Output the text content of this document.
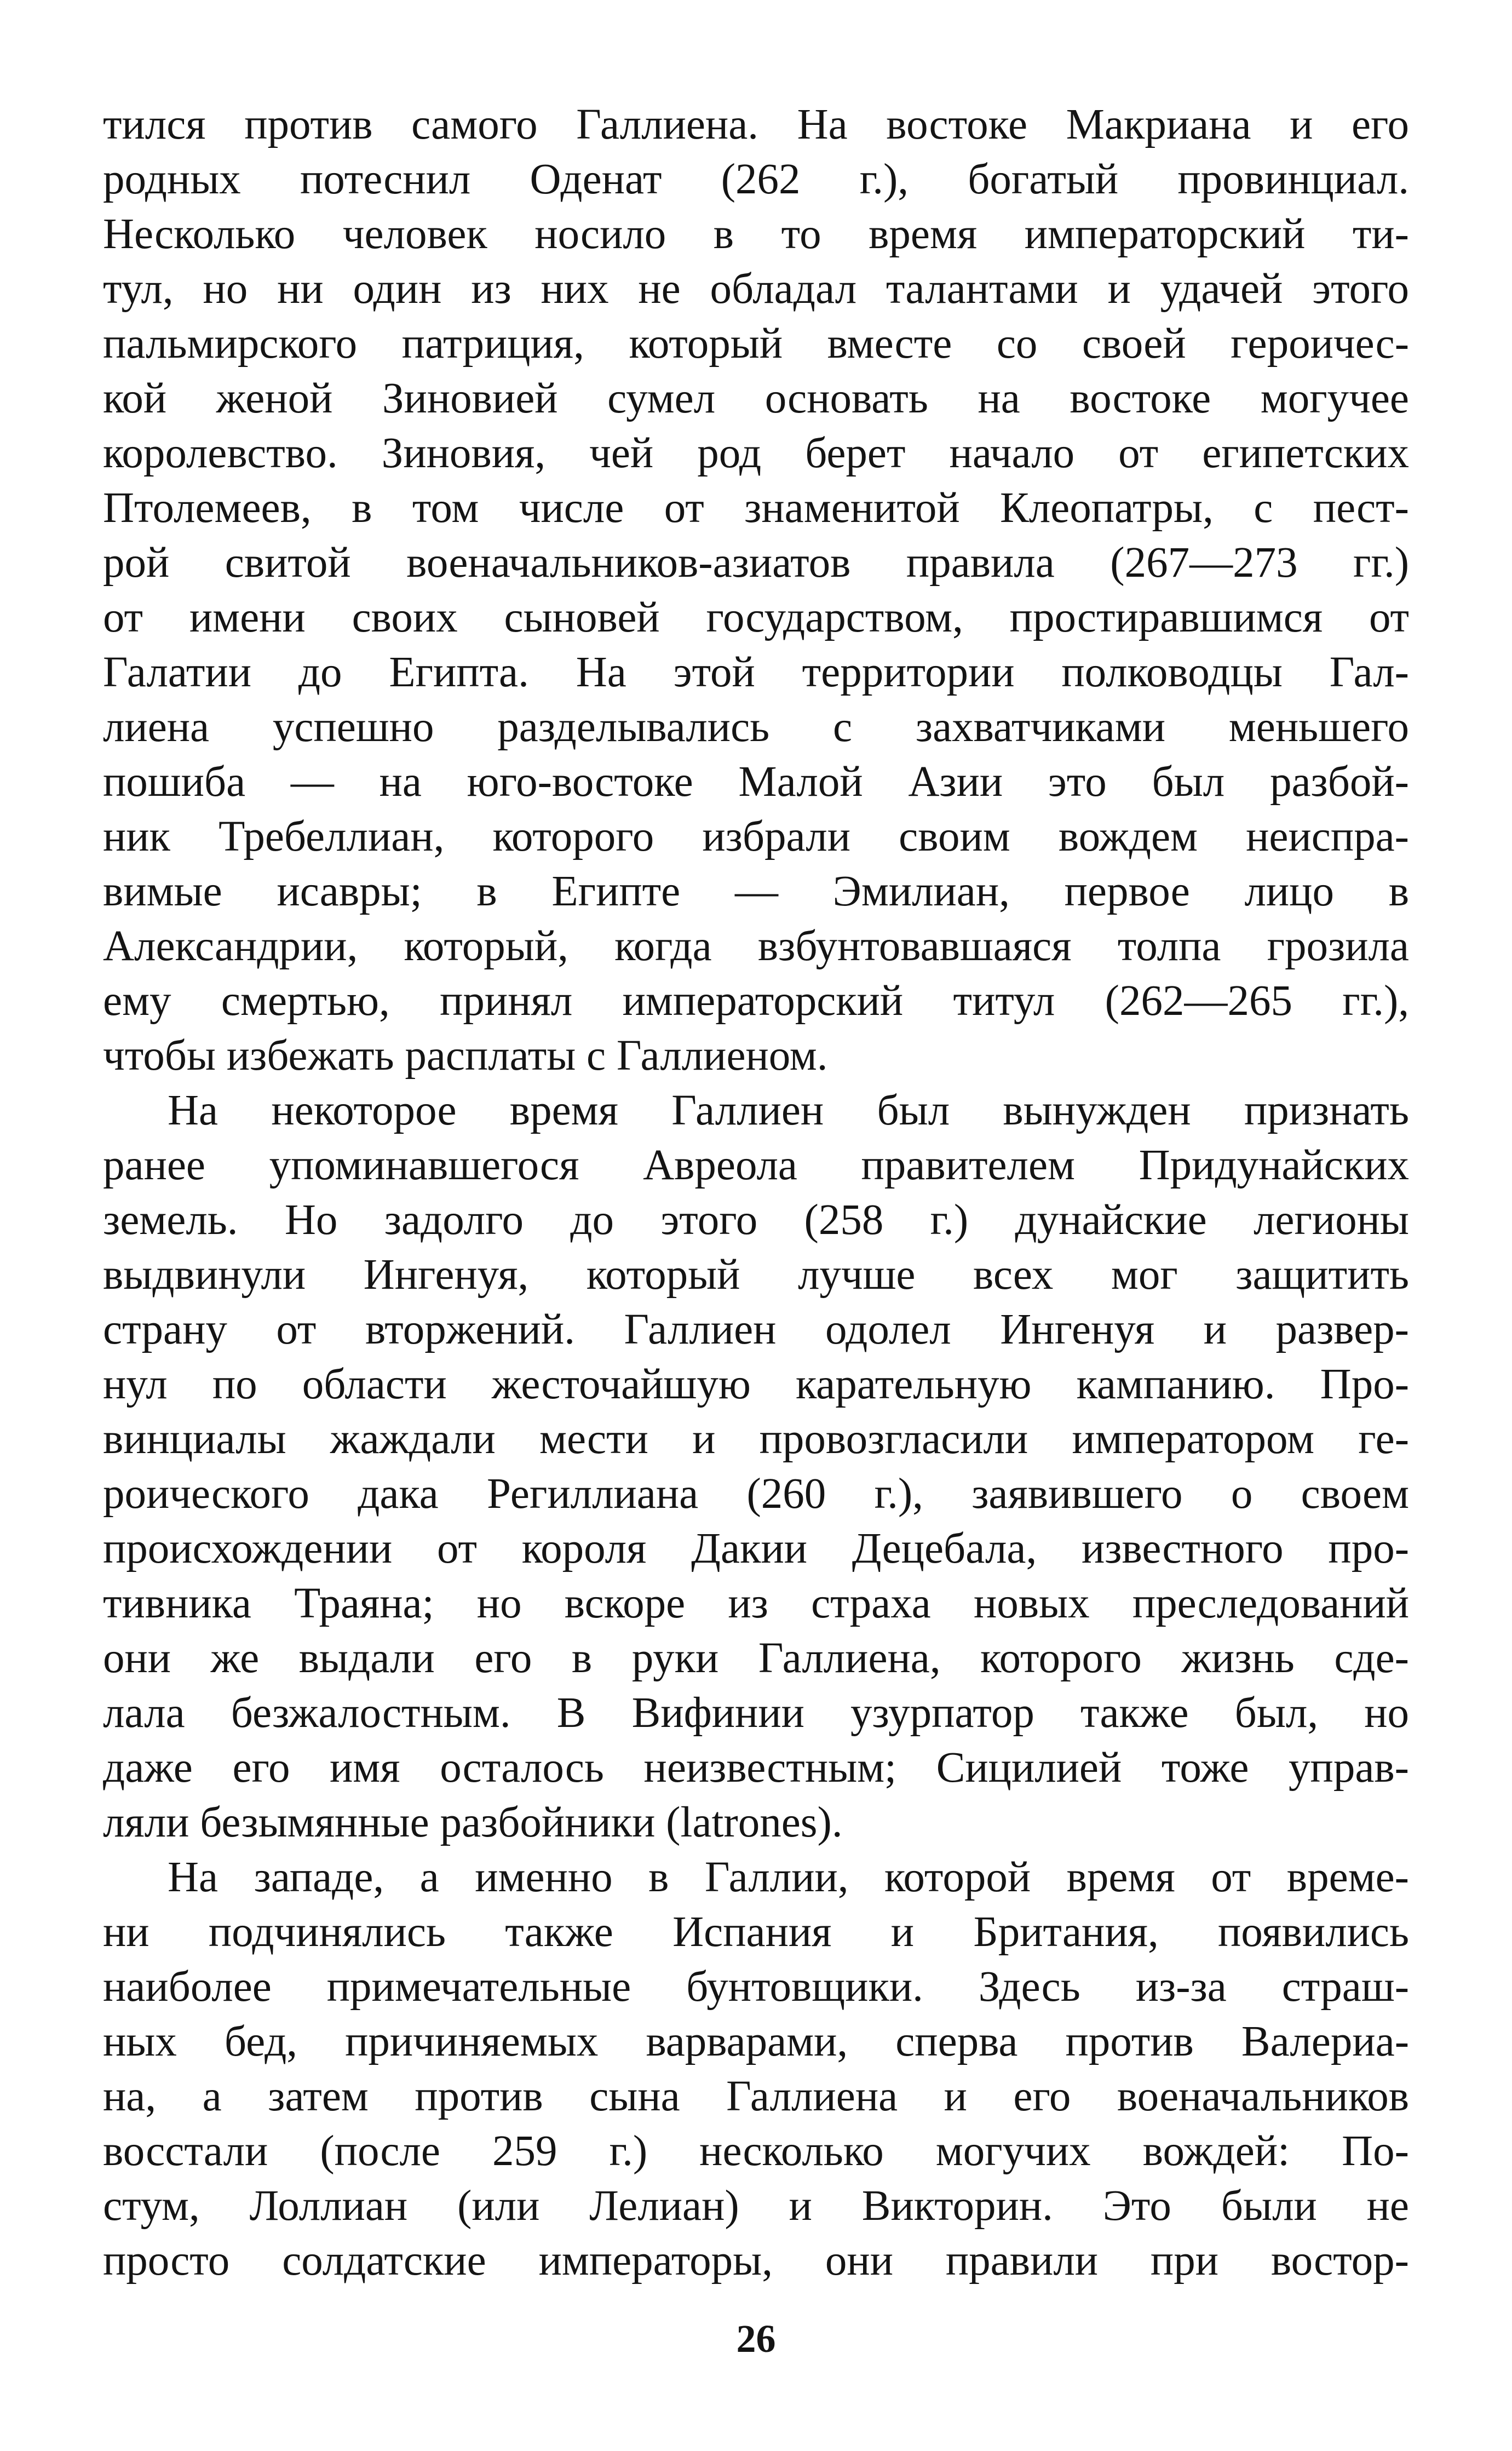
тился против самого Галлиена. На востоке Макриана и его
родных потеснил Оденат (262 г.), богатый провинциал.
Несколько человек носило в то время императорский ти-
тул, но ни один из них не обладал талантами и удачей этого
пальмирского патриция, который вместе со своей героичес-
кой женой Зиновией сумел основать на востоке могучее
королевство. Зиновия, чей род берет начало от египетских
Птолемеев, в том числе от знаменитой Клеопатры, с пест-
рой свитой военачальников-азиатов правила (267—273 гг.)
от имени своих сыновей государством, простиравшимся от
Галатии до Египта. На этой территории полководцы Гал-
лиена успешно разделывались с захватчиками меньшего
пошиба — на юго-востоке Малой Азии это был разбой-
ник Требеллиан, которого избрали своим вождем неиспра-
вимые исавры; в Египте — Эмилиан, первое лицо в
Александрии, который, когда взбунтовавшаяся толпа грозила
ему смертью, принял императорский титул (262—265 гг.),
чтобы избежать расплаты с Галлиеном.
На некоторое время Галлиен был вынужден признать
ранее упоминавшегося Авреола правителем Придунайских
земель. Но задолго до этого (258 г.) дунайские легионы
выдвинули Ингенуя, который лучше всех мог защитить
страну от вторжений. Галлиен одолел Ингенуя и развер-
нул по области жесточайшую карательную кампанию. Про-
винциалы жаждали мести и провозгласили императором ге-
роического дака Региллиана (260 г.), заявившего о своем
происхождении от короля Дакии Децебала, известного про-
тивника Траяна; но вскоре из страха новых преследований
они же выдали его в руки Галлиена, которого жизнь сде-
лала безжалостным. В Вифинии узурпатор также был, но
даже его имя осталось неизвестным; Сицилией тоже управ-
ляли безымянные разбойники (latrones).
На западе, а именно в Галлии, которой время от време-
ни подчинялись также Испания и Британия, появились
наиболее примечательные бунтовщики. Здесь из-за страш-
ных бед, причиняемых варварами, сперва против Валериа-
на, а затем против сына Галлиена и его военачальников
восстали (после 259 г.) несколько могучих вождей: По-
стум, Лоллиан (или Лелиан) и Викторин. Это были не
просто солдатские императоры, они правили при востор-
26
